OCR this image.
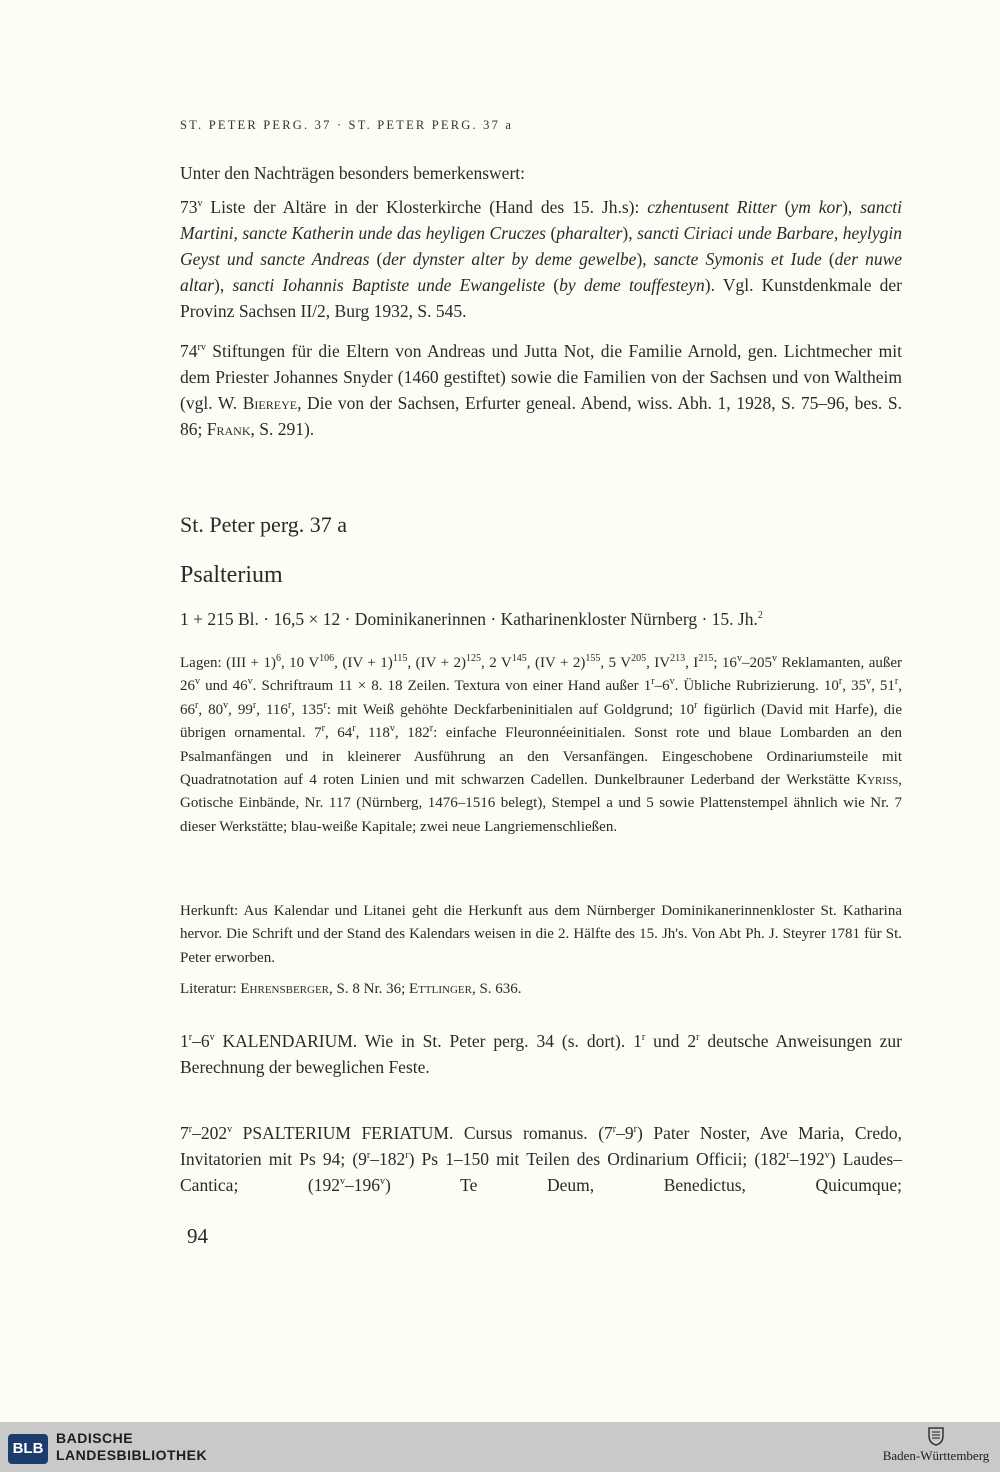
ST. PETER PERG. 37 · ST. PETER PERG. 37 a

Unter den Nachträgen besonders bemerkenswert:

73$^v$ Liste der Altäre in der Klosterkirche (Hand des 15. Jh.s): czhentusent Ritter (ym kor), sancti Martini, sancte Katherin unde das heyligen Cruczes (pharalter), sancti Ciriaci unde Barbare, heylygin Geyst und sancte Andreas (der dynster alter by deme gewelbe), sancte Symonis et Iude (der nuwe altar), sancti Iohannis Baptiste unde Ewangeliste (by deme touffesteyn). Vgl. Kunstdenkmale der Provinz Sachsen II/2, Burg 1932, S. 545.

$74^{rv}$ Stiftungen für die Eltern von Andreas und Jutta Not, die Familie Arnold, gen. Lichtmecher mit dem Priester Johannes Snyder (1460 gestiftet) sowie die Familien von der Sachsen und von Waltheim (vgl. W. Biereye, Die von der Sachsen, Erfurter geneal. Abend, wiss. Abh. 1, 1928, S. 75–96, bes. S. 86; Frank, S. 291).

St. Peter perg. 37 a
Psalterium
1 + 215 Bl. · 16,5 × 12 · Dominikanerinnen · Katharinenkloster Nürnberg · 15. Jh.$^2$

Lagen: (III + 1)$^6$, 10 $V^{106}$, (IV + 1)$^{115}$, (IV + 2)$^{125}$, 2 $V^{145}$, (IV + 2)$^{155}$, 5 $V^{205}$, IV$^{213}$, $I^{215}$; 16$^v$–205$^v$ Reklamanten, außer 26$^v$ und 46$^v$. Schriftraum 11 × 8. 18 Zeilen. Textura von einer Hand außer 1$^r$–6$^v$. Übliche Rubrizierung. 10$^r$, 35$^v$, 51$^r$, 66$^r$, 80$^v$, 99$^r$, 116$^r$, 135$^r$: mit Weiß gehöhte Deckfarbeninitialen auf Goldgrund; 10$^r$ figürlich (David mit Harfe), die übrigen ornamental. 7$^r$, 64$^r$, 118$^v$, 182$^r$: einfache Fleuronnéeinitialen. Sonst rote und blaue Lombarden an den Psalmanfängen und in kleinerer Ausführung an den Versanfängen. Eingeschobene Ordinariumsteile mit Quadratnotation auf 4 roten Linien und mit schwarzen Cadellen. Dunkelbrauner Lederband der Werkstätte Kyriss, Gotische Einbände, Nr. 117 (Nürnberg, 1476–1516 belegt), Stempel a und 5 sowie Plattenstempel ähnlich wie Nr. 7 dieser Werkstätte; blau-weiße Kapitale; zwei neue Langriemenschließen.

Herkunft: Aus Kalendar und Litanei geht die Herkunft aus dem Nürnberger Dominikanerinnenkloster St. Katharina hervor. Die Schrift und der Stand des Kalendars weisen in die 2. Hälfte des 15. Jh's. Von Abt Ph. J. Steyrer 1781 für St. Peter erworben.

Literatur: Ehrensberger, S. 8 Nr. 36; Ettlinger, S. 636.

1$^r$–6$^v$ KALENDARIUM. Wie in St. Peter perg. 34 (s. dort). 1$^r$ und 2$^r$ deutsche Anweisungen zur Berechnung der beweglichen Feste.

7$^r$–202$^v$ PSALTERIUM FERIATUM. Cursus romanus. (7$^r$–9$^r$) Pater Noster, Ave Maria, Credo, Invitatorien mit Ps 94; (9$^r$–182$^r$) Ps 1–150 mit Teilen des Ordinarium Officii; (182$^r$–192$^v$) Laudes–Cantica; (192$^v$–196$^v$) Te Deum, Benedictus, Quicumque;

94
BLB
BADISCHE
LANDESBIBLIOTHEK	Baden-Württemberg
